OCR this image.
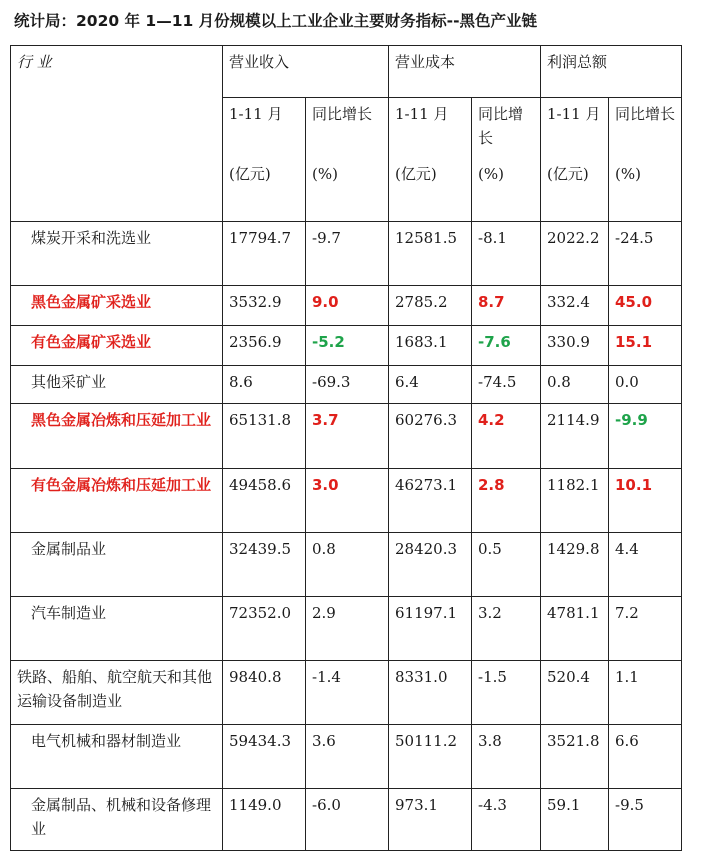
统计局：2020 年 1—11 月份规模以上工业企业主要财务指标--黑色产业链
行 业	营业收入		营业成本		利润总额	
	1-11 月	同比增长	1-11 月	同比增长	1-11 月	同比增长
	(亿元)	(%)	(亿元)	(%)	(亿元)	(%)
煤炭开采和洗选业	17794.7	-9.7	12581.5	-8.1	2022.2	-24.5
黑色金属矿采选业	3532.9	9.0	2785.2	8.7	332.4	45.0
有色金属矿采选业	2356.9	-5.2	1683.1	-7.6	330.9	15.1
其他采矿业	8.6	-69.3	6.4	-74.5	0.8	0.0
黑色金属冶炼和压延加工业	65131.8	3.7	60276.3	4.2	2114.9	-9.9
有色金属冶炼和压延加工业	49458.6	3.0	46273.1	2.8	1182.1	10.1
金属制品业	32439.5	0.8	28420.3	0.5	1429.8	4.4
汽车制造业	72352.0	2.9	61197.1	3.2	4781.1	7.2
铁路、船舶、航空航天和其他运输设备制造业	9840.8	-1.4	8331.0	-1.5	520.4	1.1
电气机械和器材制造业	59434.3	3.6	50111.2	3.8	3521.8	6.6
金属制品、机械和设备修理业	1149.0	-6.0	973.1	-4.3	59.1	-9.5
